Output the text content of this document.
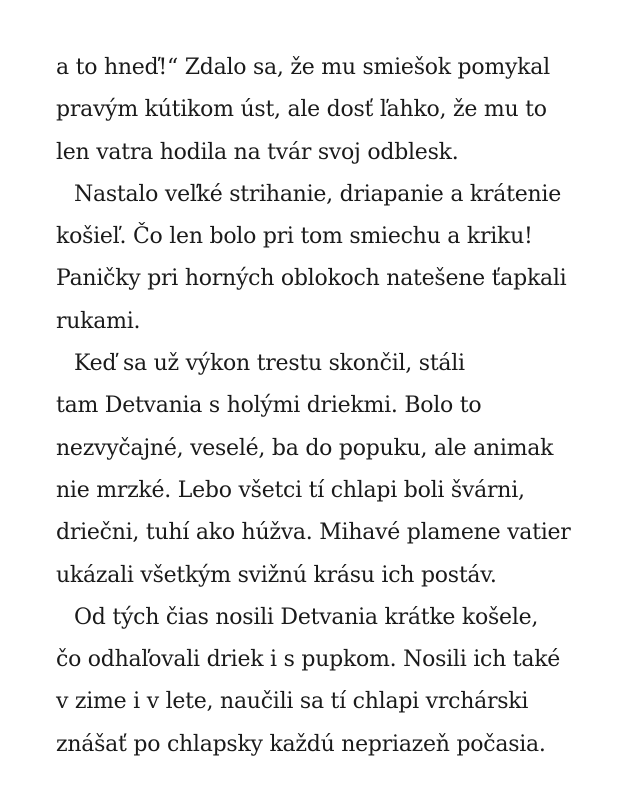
a to hneď!“ Zdalo sa, že mu smiešok pomykal
pravým kútikom úst, ale dosť ľahko, že mu to
len vatra hodila na tvár svoj odblesk.
Nastalo veľké strihanie, driapanie a krátenie
košieľ. Čo len bolo pri tom smiechu a kriku!
Paničky pri horných oblokoch natešene ťapkali
rukami.
Keď sa už výkon trestu skončil, stáli
tam Detvania s holými driekmi. Bolo to
nezvyčajné, veselé, ba do popuku, ale animak
nie mrzké. Lebo všetci tí chlapi boli švárni,
driečni, tuhí ako húžva. Mihavé plamene vatier
ukázali všetkým svižnú krásu ich postáv.
Od tých čias nosili Detvania krátke košele,
čo odhaľovali driek i s pupkom. Nosili ich také
v zime i v lete, naučili sa tí chlapi vrchárski
znášať po chlapsky každú nepriazeň počasia.
